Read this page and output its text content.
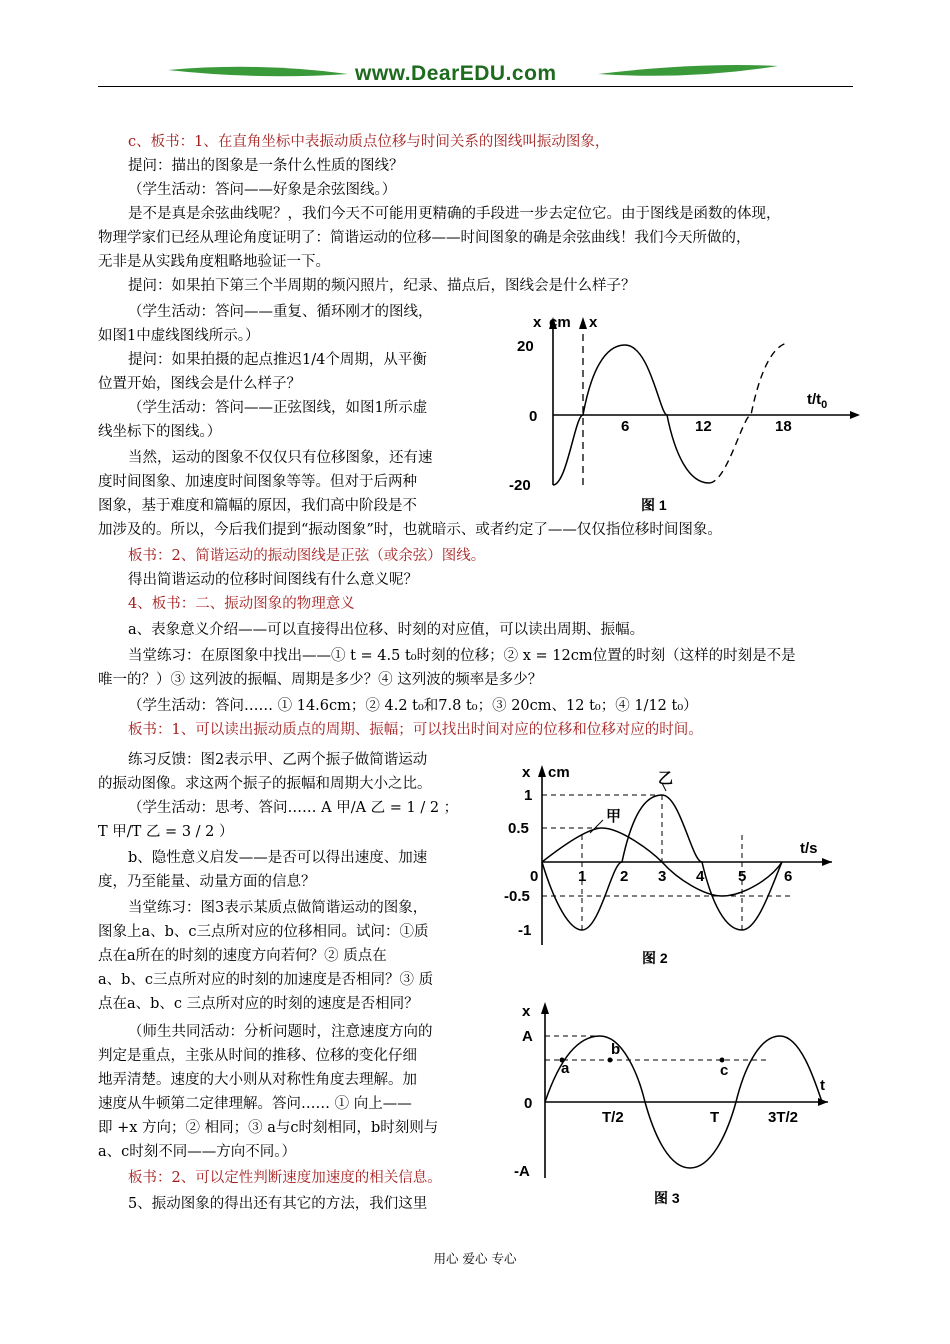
www.DearEDU.com
c、板书：1、在直角坐标中表振动质点位移与时间关系的图线叫振动图象，
提问：描出的图象是一条什么性质的图线？
（学生活动：答问——好象是余弦图线。）
是不是真是余弦曲线呢？，我们今天不可能用更精确的手段进一步去定位它。由于图线是函数的体现，
物理学家们已经从理论角度证明了：简谐运动的位移——时间图象的确是余弦曲线！我们今天所做的，
无非是从实践角度粗略地验证一下。
提问：如果拍下第三个半周期的频闪照片，纪录、描点后，图线会是什么样子？
（学生活动：答问——重复、循环刚才的图线，
如图1中虚线图线所示。）
提问：如果拍摄的起点推迟1/4个周期，从平衡
位置开始，图线会是什么样子？
（学生活动：答问——正弦图线，如图1所示虚
线坐标下的图线。）
当然，运动的图象不仅仅只有位移图象，还有速
度时间图象、加速度时间图象等等。但对于后两种
图象，基于难度和篇幅的原因，我们高中阶段是不
加涉及的。所以，今后我们提到“振动图象”时，也就暗示、或者约定了——仅仅指位移时间图象。
板书：2、简谐运动的振动图线是正弦（或余弦）图线。
得出简谐运动的位移时间图线有什么意义呢？
4、板书：二、振动图象的物理意义
a、表象意义介绍——可以直接得出位移、时刻的对应值，可以读出周期、振幅。
当堂练习：在原图象中找出——① t = 4.5 t₀时刻的位移；② x = 12cm位置的时刻（这样的时刻是不是
唯一的？）③ 这列波的振幅、周期是多少？④ 这列波的频率是多少？
（学生活动：答问…… ① 14.6cm；② 4.2 t₀和7.8 t₀；③ 20cm、12 t₀；④ 1/12 t₀）
板书：1、可以读出振动质点的周期、振幅；可以找出时间对应的位移和位移对应的时间。
练习反馈：图2表示甲、乙两个振子做简谐运动
的振动图像。求这两个振子的振幅和周期大小之比。
（学生活动：思考、答问…… A 甲/A 乙 = 1 / 2 ；
T 甲/T 乙 = 3 / 2 ）
b、隐性意义启发——是否可以得出速度、加速
度，乃至能量、动量方面的信息？
当堂练习：图3表示某质点做简谐运动的图象，
图象上a、b、c三点所对应的位移相同。试问：①质
点在a所在的时刻的速度方向若何？② 质点在
a、b、c三点所对应的时刻的加速度是否相同？③ 质
点在a、b、c 三点所对应的时刻的速度是否相同？
（师生共同活动：分析问题时，注意速度方向的
判定是重点，主张从时间的推移、位移的变化仔细
地弄清楚。速度的大小则从对称性角度去理解。加
速度从牛顿第二定律理解。答问…… ① 向上——
即 +x 方向；② 相同；③ a与c时刻相同，b时刻则与
a、c时刻不同——方向不同。）
板书：2、可以定性判断速度加速度的相关信息。
5、振动图象的得出还有其它的方法，我们这里
x cm x
$t/t_0$
20
0
-20
6	12	18
图 1
甲
乙
x cm
t/s
1
0.5
0
-0.5
-1
1 2 3 4 5	6
图 2
a
b
c
x
t
A
0
-A
T/2	T	3T/2
图 3
用心 爱心 专心
